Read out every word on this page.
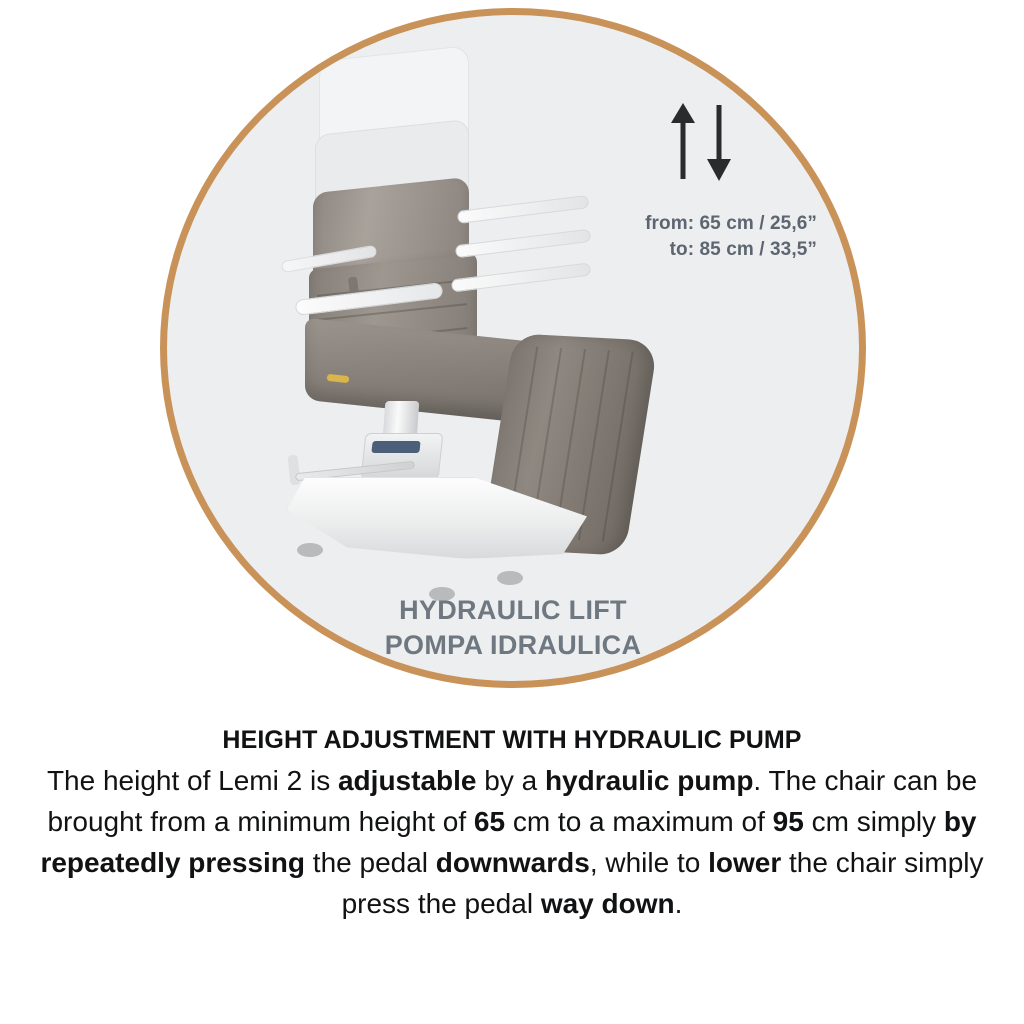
from: 65 cm / 25,6”
to: 85 cm / 33,5”
HYDRAULIC LIFT
POMPA IDRAULICA
HEIGHT ADJUSTMENT WITH HYDRAULIC PUMP

The height of Lemi 2 is adjustable by a hydraulic pump. The chair can be brought from a minimum height of 65 cm to a maximum of 95 cm simply by repeatedly pressing the pedal downwards, while to lower the chair simply press the pedal way down.
